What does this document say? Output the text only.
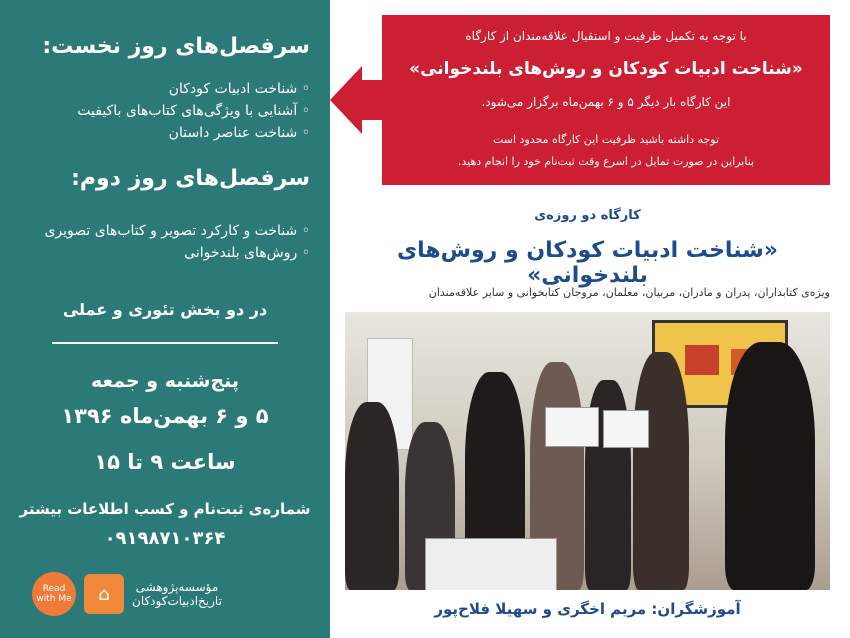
سرفصل‌های روز نخست:
◦ شناخت ادبیات کودکان
◦ آشنایی با ویژگی‌های کتاب‌های باکیفیت
◦ شناخت عناصر داستان
سرفصل‌های روز دوم:
◦ شناخت و کارکرد تصویر و کتاب‌های تصویری
◦ روش‌های بلندخوانی
در دو بخش تئوری و عملی
پنج‌شنبه و جمعه
۵ و ۶ بهمن‌ماه ۱۳۹۶
ساعت ۹ تا ۱۵
شماره‌ی ثبت‌نام و کسب اطلاعات بیشتر
۰۹۱۹۸۷۱۰۳۶۴
Read with Me	⌂	مؤسسه‌پژوهشی
تاریخ‌ادبیات‌کودکان
با توجه به تکمیل ظرفیت و استقبال علاقه‌مندان از کارگاه
«شناخت ادبیات کودکان و روش‌های بلندخوانی»
این کارگاه بار دیگر ۵ و ۶ بهمن‌ماه برگزار می‌شود.
توجه داشته باشید ظرفیت این کارگاه محدود است
بنابراین در صورت تمایل در اسرع وقت ثبت‌نام خود را انجام دهید.
کارگاه دو روزه‌ی
«شناخت ادبیات کودکان و روش‌های بلندخوانی»
ویژه‌ی کتابداران، پدران و مادران، مربیان، معلمان، مروجان کتابخوانی و سایر علاقه‌مندان
آموزشگران: مریم اخگری و سهیلا فلاح‌پور
